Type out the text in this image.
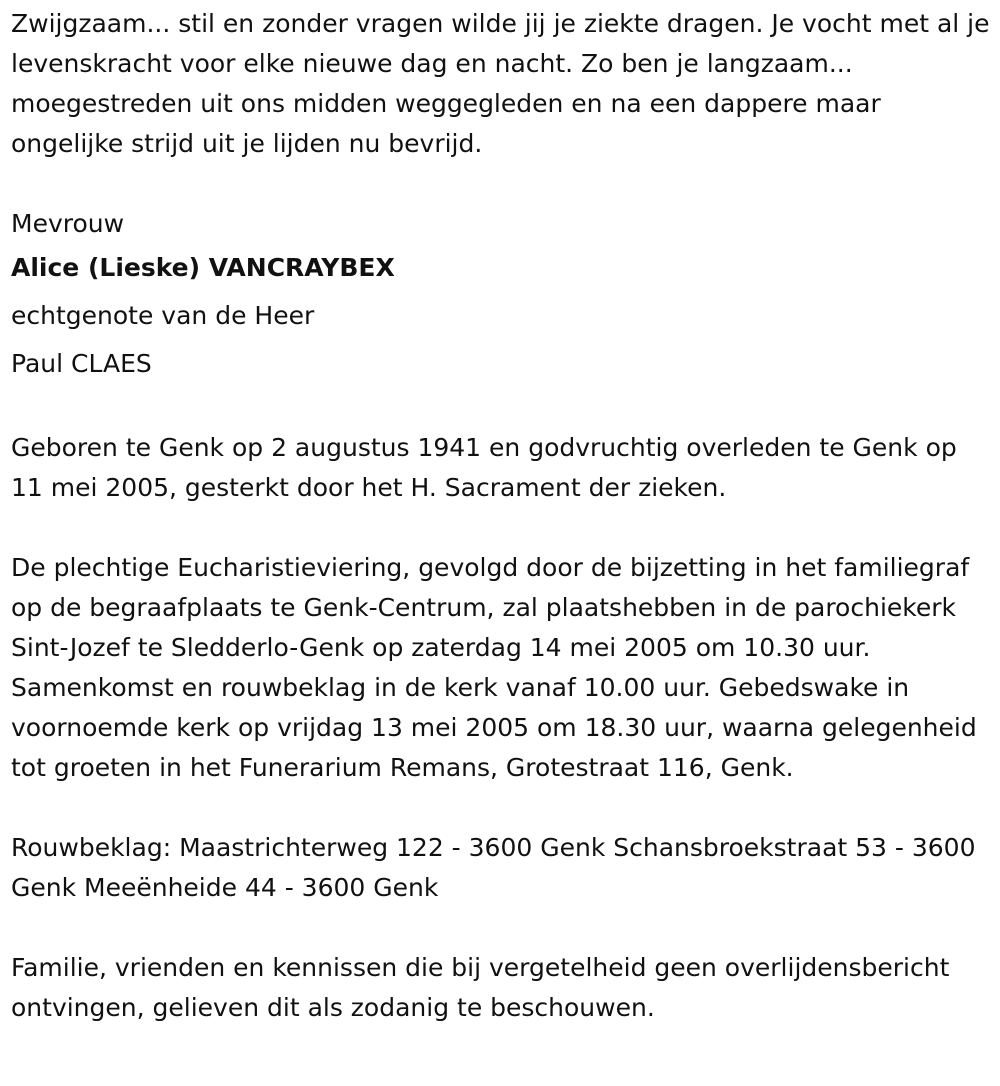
Zwijgzaam... stil en zonder vragen wilde jij je ziekte dragen. Je vocht met al je levenskracht voor elke nieuwe dag en nacht. Zo ben je langzaam... moegestreden uit ons midden weggegleden en na een dappere maar ongelijke strijd uit je lijden nu bevrijd.

Mevrouw
Alice (Lieske) VANCRAYBEX
echtgenote van de Heer
Paul CLAES

Geboren te Genk op 2 augustus 1941 en godvruchtig overleden te Genk op 11 mei 2005, gesterkt door het H. Sacrament der zieken.

De plechtige Eucharistieviering, gevolgd door de bijzetting in het familiegraf op de begraafplaats te Genk-Centrum, zal plaatshebben in de parochiekerk Sint-Jozef te Sledderlo-Genk op zaterdag 14 mei 2005 om 10.30 uur. Samenkomst en rouwbeklag in de kerk vanaf 10.00 uur. Gebedswake in voornoemde kerk op vrijdag 13 mei 2005 om 18.30 uur, waarna gelegenheid tot groeten in het Funerarium Remans, Grotestraat 116, Genk.

Rouwbeklag: Maastrichterweg 122 - 3600 Genk Schansbroekstraat 53 - 3600 Genk Meeënheide 44 - 3600 Genk

Familie, vrienden en kennissen die bij vergetelheid geen overlijdensbericht ontvingen, gelieven dit als zodanig te beschouwen.
